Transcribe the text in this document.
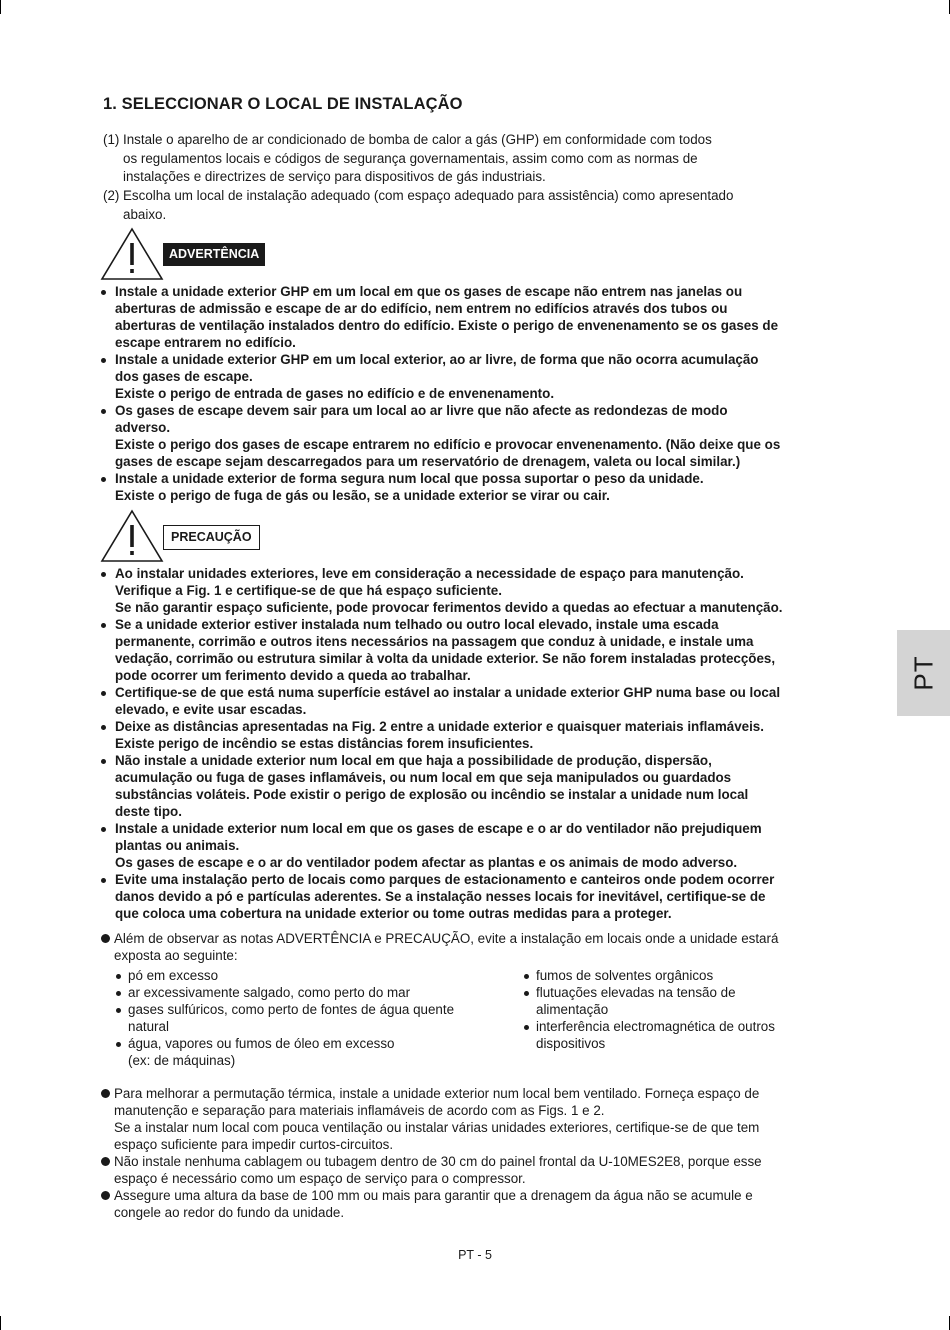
1. SELECCIONAR O LOCAL DE INSTALAÇÃO
(1) Instale o aparelho de ar condicionado de bomba de calor a gás (GHP) em conformidade com todos
os regulamentos locais e códigos de segurança governamentais, assim como com as normas de
instalações e directrizes de serviço para dispositivos de gás industriais.
(2) Escolha um local de instalação adequado (com espaço adequado para assistência) como apresentado
abaixo.
ADVERTÊNCIA
Instale a unidade exterior GHP em um local em que os gases de escape não entrem nas janelas ou
aberturas de admissão e escape de ar do edifício, nem entrem no edifícios através dos tubos ou
aberturas de ventilação instalados dentro do edifício. Existe o perigo de envenenamento se os gases de
escape entrarem no edifício.
Instale a unidade exterior GHP em um local exterior, ao ar livre, de forma que não ocorra acumulação
dos gases de escape.
Existe o perigo de entrada de gases no edifício e de envenenamento.
Os gases de escape devem sair para um local ao ar livre que não afecte as redondezas de modo
adverso.
Existe o perigo dos gases de escape entrarem no edifício e provocar envenenamento. (Não deixe que os
gases de escape sejam descarregados para um reservatório de drenagem, valeta ou local similar.)
Instale a unidade exterior de forma segura num local que possa suportar o peso da unidade.
Existe o perigo de fuga de gás ou lesão, se a unidade exterior se virar ou cair.
PRECAUÇÃO
Ao instalar unidades exteriores, leve em consideração a necessidade de espaço para manutenção.
Verifique a Fig. 1 e certifique-se de que há espaço suficiente.
Se não garantir espaço suficiente, pode provocar ferimentos devido a quedas ao efectuar a manutenção.
Se a unidade exterior estiver instalada num telhado ou outro local elevado, instale uma escada
permanente, corrimão e outros itens necessários na passagem que conduz à unidade, e instale uma
vedação, corrimão ou estrutura similar à volta da unidade exterior. Se não forem instaladas protecções,
pode ocorrer um ferimento devido a queda ao trabalhar.
Certifique-se de que está numa superfície estável ao instalar a unidade exterior GHP numa base ou local
elevado, e evite usar escadas.
Deixe as distâncias apresentadas na Fig. 2 entre a unidade exterior e quaisquer materiais inflamáveis.
Existe perigo de incêndio se estas distâncias forem insuficientes.
Não instale a unidade exterior num local em que haja a possibilidade de produção, dispersão,
acumulação ou fuga de gases inflamáveis, ou num local em que seja manipulados ou guardados
substâncias voláteis. Pode existir o perigo de explosão ou incêndio se instalar a unidade num local
deste tipo.
Instale a unidade exterior num local em que os gases de escape e o ar do ventilador não prejudiquem
plantas ou animais.
Os gases de escape e o ar do ventilador podem afectar as plantas e os animais de modo adverso.
Evite uma instalação perto de locais como parques de estacionamento e canteiros onde podem ocorrer
danos devido a pó e partículas aderentes. Se a instalação nesses locais for inevitável, certifique-se de
que coloca uma cobertura na unidade exterior ou tome outras medidas para a proteger.
Além de observar as notas ADVERTÊNCIA e PRECAUÇÃO, evite a instalação em locais onde a unidade estará
exposta ao seguinte:
pó em excesso
ar excessivamente salgado, como perto do mar
gases sulfúricos, como perto de fontes de água quente
natural
água, vapores ou fumos de óleo em excesso
(ex: de máquinas)
fumos de solventes orgânicos
flutuações elevadas na tensão de
alimentação
interferência electromagnética de outros
dispositivos
Para melhorar a permutação térmica, instale a unidade exterior num local bem ventilado. Forneça espaço de
manutenção e separação para materiais inflamáveis de acordo com as Figs. 1 e 2.
Se a instalar num local com pouca ventilação ou instalar várias unidades exteriores, certifique-se de que tem
espaço suficiente para impedir curtos-circuitos.
Não instale nenhuma cablagem ou tubagem dentro de 30 cm do painel frontal da U-10MES2E8, porque esse
espaço é necessário como um espaço de serviço para o compressor.
Assegure uma altura da base de 100 mm ou mais para garantir que a drenagem da água não se acumule e
congele ao redor do fundo da unidade.
PT
PT - 5
